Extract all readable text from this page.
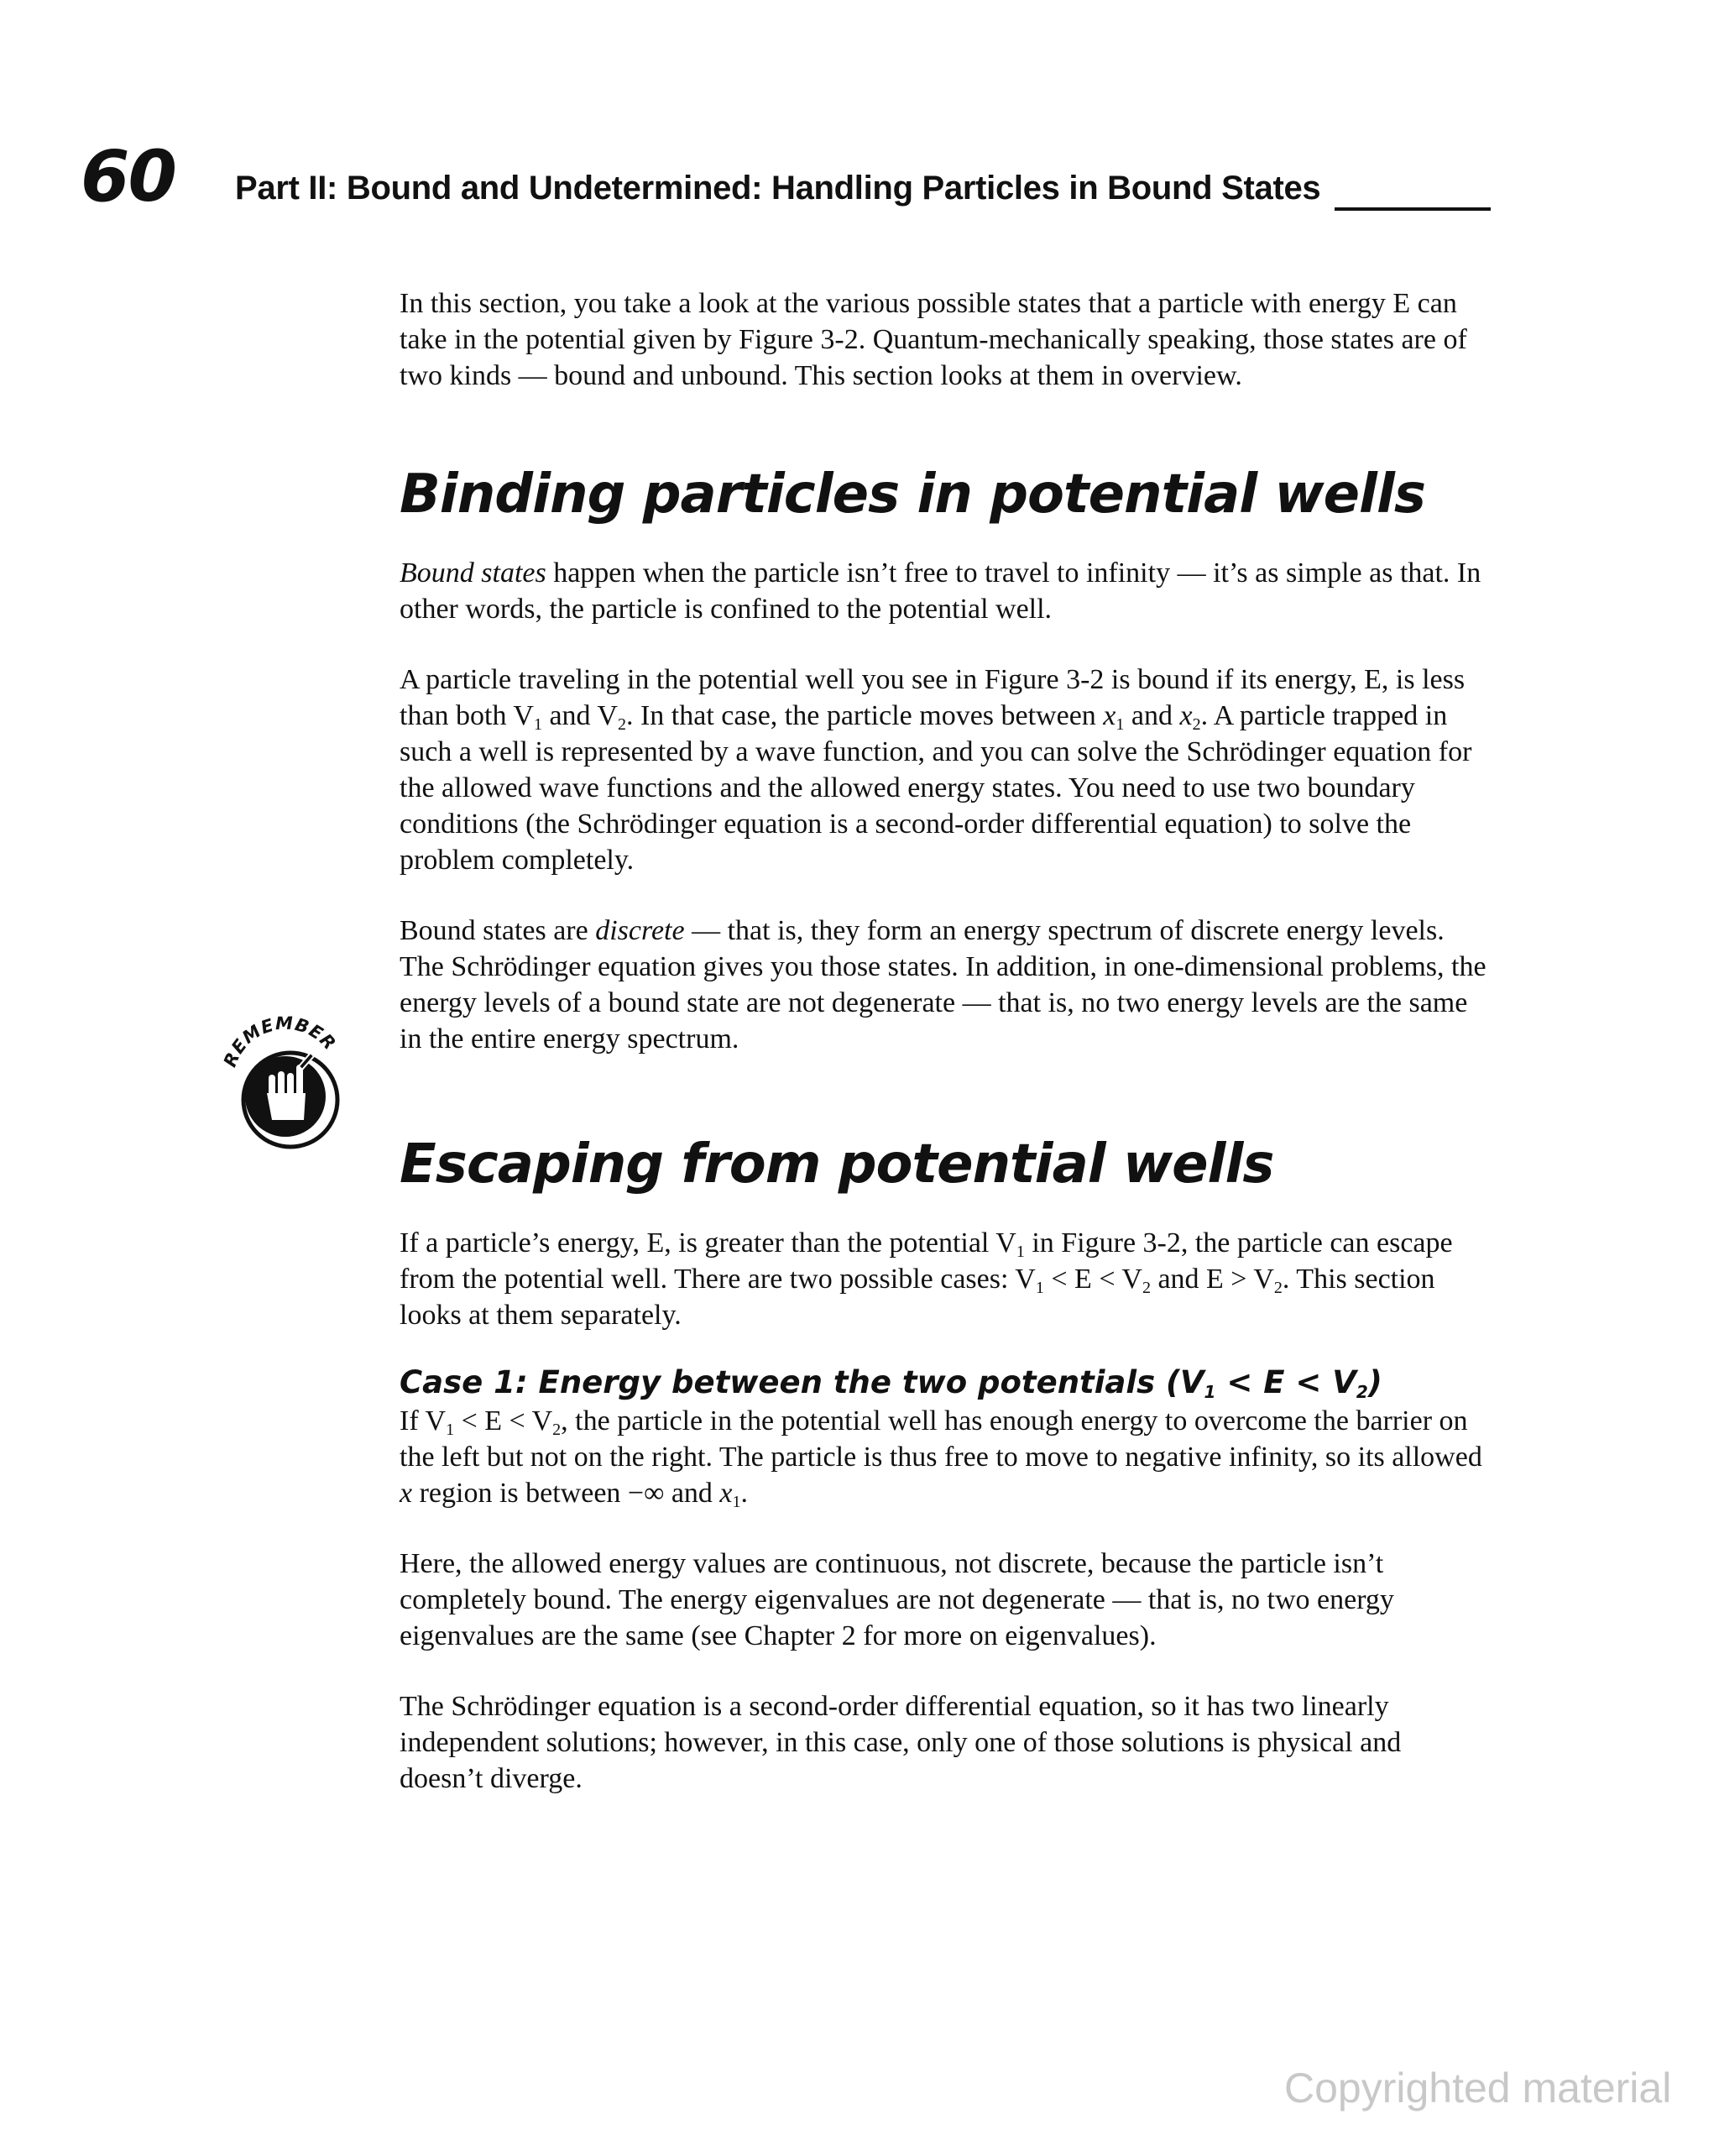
60 Part II: Bound and Undetermined: Handling Particles in Bound States
REMEMBER

In this section, you take a look at the various possible states that a particle with energy E can take in the potential given by Figure 3-2. Quantum-mechanically speaking, those states are of two kinds — bound and unbound. This section looks at them in overview.

Binding particles in potential wells

Bound states happen when the particle isn’t free to travel to infinity — it’s as simple as that. In other words, the particle is confined to the potential well.

A particle traveling in the potential well you see in Figure 3-2 is bound if its energy, E, is less than both $V_1$ and $V_2$. In that case, the particle moves between $x_1$ and $x_2$. A particle trapped in such a well is represented by a wave function, and you can solve the Schrödinger equation for the allowed wave functions and the allowed energy states. You need to use two boundary conditions (the Schrödinger equation is a second-order differential equation) to solve the problem completely.

Bound states are discrete — that is, they form an energy spectrum of discrete energy levels. The Schrödinger equation gives you those states. In addition, in one-dimensional problems, the energy levels of a bound state are not degenerate — that is, no two energy levels are the same in the entire energy spectrum.

Escaping from potential wells

If a particle’s energy, E, is greater than the potential $V_1$ in Figure 3-2, the particle can escape from the potential well. There are two possible cases: $V_1 < E < V_2$ and $E > V_2$. This section looks at them separately.

Case 1: Energy between the two potentials $(V_1 < E < V_2)$

If $V_1 < E < V_2$, the particle in the potential well has enough energy to overcome the barrier on the left but not on the right. The particle is thus free to move to negative infinity, so its allowed x region is between −∞ and $x_1$.

Here, the allowed energy values are continuous, not discrete, because the particle isn’t completely bound. The energy eigenvalues are not degenerate — that is, no two energy eigenvalues are the same (see Chapter 2 for more on eigenvalues).

The Schrödinger equation is a second-order differential equation, so it has two linearly independent solutions; however, in this case, only one of those solutions is physical and doesn’t diverge.

Copyrighted material
